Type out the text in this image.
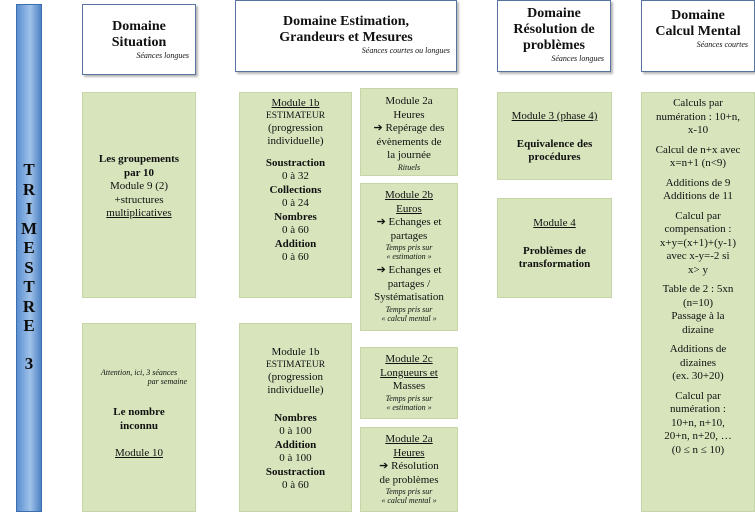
T
R
I
M
E
S
T
R
E
3
Domaine
Situation
Séances longues
Domaine Estimation,
Grandeurs et Mesures
Séances courtes ou longues
Domaine
Résolution de
problèmes
Séances longues
Domaine
Calcul Mental
Séances courtes

Les groupements

par 10

Module 9 (2)

+structures

multiplicatives

Attention, ici, 3 séances

par semaine

Le nombre

inconnu

Module 10

Module 1b

ESTIMATEUR

(progression

individuelle)

Soustraction

0 à 32

Collections

0 à 24

Nombres

0 à 60

Addition

0 à 60

Module 1b

ESTIMATEUR

(progression

individuelle)

Nombres

0 à 100

Addition

0 à 100

Soustraction

0 à 60

Module 2a

Heures

➔ Repérage des

évènements de

la journée

Rituels

Module 2b

Euros

➔ Echanges et

partages

Temps pris sur

« estimation »

➔ Echanges et

partages /

Systématisation

Temps pris sur

« calcul mental »

Module 2c

Longueurs et

Masses

Temps pris sur

« estimation »

Module 2a

Heures

➔ Résolution

de problèmes

Temps pris sur

« calcul mental »

Module 3 (phase 4)

Equivalence des

procédures

Module 4

Problèmes de

transformation

Calculs par

numération : 10+n,

x-10

Calcul de n+x avec

x=n+1 (n<9)

Additions de 9

Additions de 11

Calcul par

compensation :

x+y=(x+1)+(y-1)

avec x-y=-2 si

x> y

Table de 2 : 5xn

(n=10)

Passage à la

dizaine

Additions de

dizaines

(ex. 30+20)

Calcul par

numération :

10+n, n+10,

20+n, n+20, …

(0 ≤ n ≤ 10)
